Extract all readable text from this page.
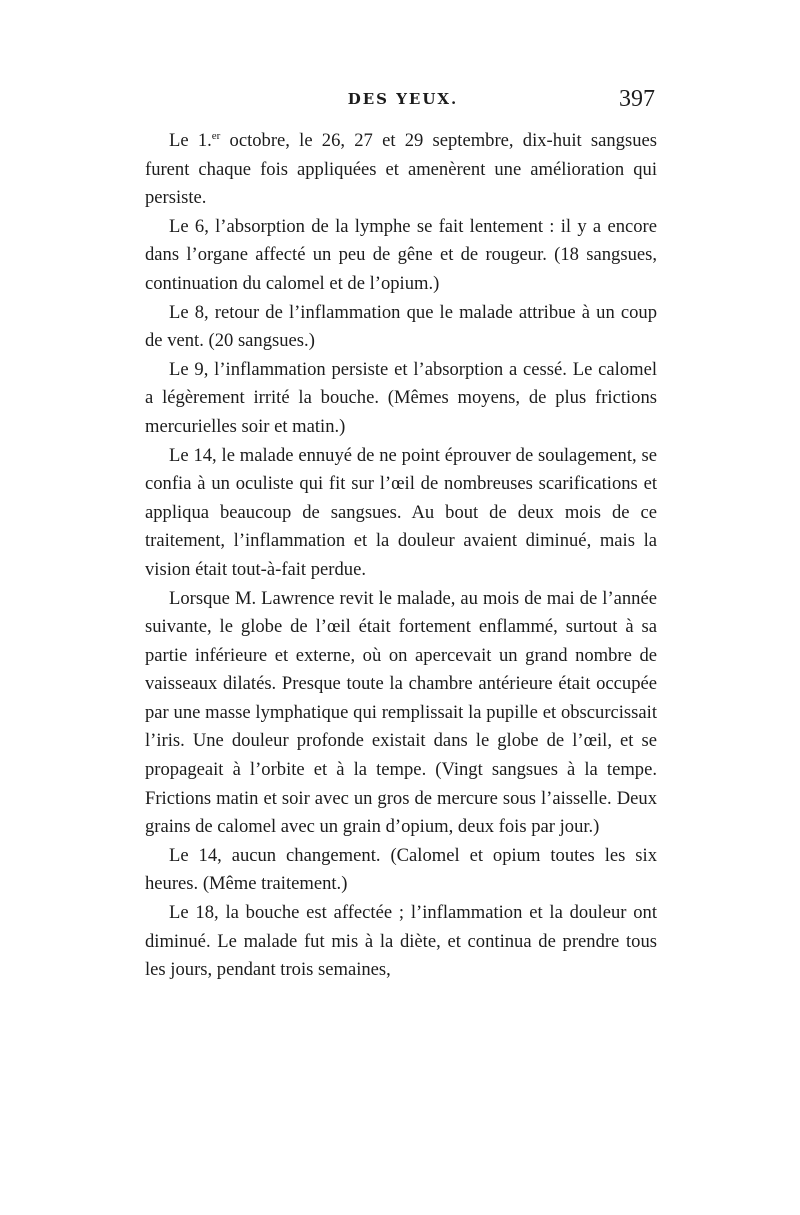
DES YEUX.	397

Le 1.$^{er}$ octobre, le 26, 27 et 29 septembre, dix-huit sangsues furent chaque fois appliquées et amenèrent une amélioration qui persiste.

Le 6, l’absorption de la lymphe se fait lentement : il y a encore dans l’organe affecté un peu de gêne et de rougeur. (18 sangsues, continuation du calomel et de l’opium.)

Le 8, retour de l’inflammation que le malade attribue à un coup de vent. (20 sangsues.)

Le 9, l’inflammation persiste et l’absorption a cessé. Le calomel a légèrement irrité la bouche. (Mêmes moyens, de plus frictions mercurielles soir et matin.)

Le 14, le malade ennuyé de ne point éprouver de soulagement, se confia à un oculiste qui fit sur l’œil de nombreuses scarifications et appliqua beaucoup de sangsues. Au bout de deux mois de ce traitement, l’inflammation et la douleur avaient diminué, mais la vision était tout-à-fait perdue.

Lorsque M. Lawrence revit le malade, au mois de mai de l’année suivante, le globe de l’œil était fortement enflammé, surtout à sa partie inférieure et externe, où on apercevait un grand nombre de vaisseaux dilatés. Presque toute la chambre antérieure était occupée par une masse lymphatique qui remplissait la pupille et obscurcissait l’iris. Une douleur profonde existait dans le globe de l’œil, et se propageait à l’orbite et à la tempe. (Vingt sangsues à la tempe. Frictions matin et soir avec un gros de mercure sous l’aisselle. Deux grains de calomel avec un grain d’opium, deux fois par jour.)

Le 14, aucun changement. (Calomel et opium toutes les six heures. (Même traitement.)

Le 18, la bouche est affectée ; l’inflammation et la douleur ont diminué. Le malade fut mis à la diète, et continua de prendre tous les jours, pendant trois semaines,
